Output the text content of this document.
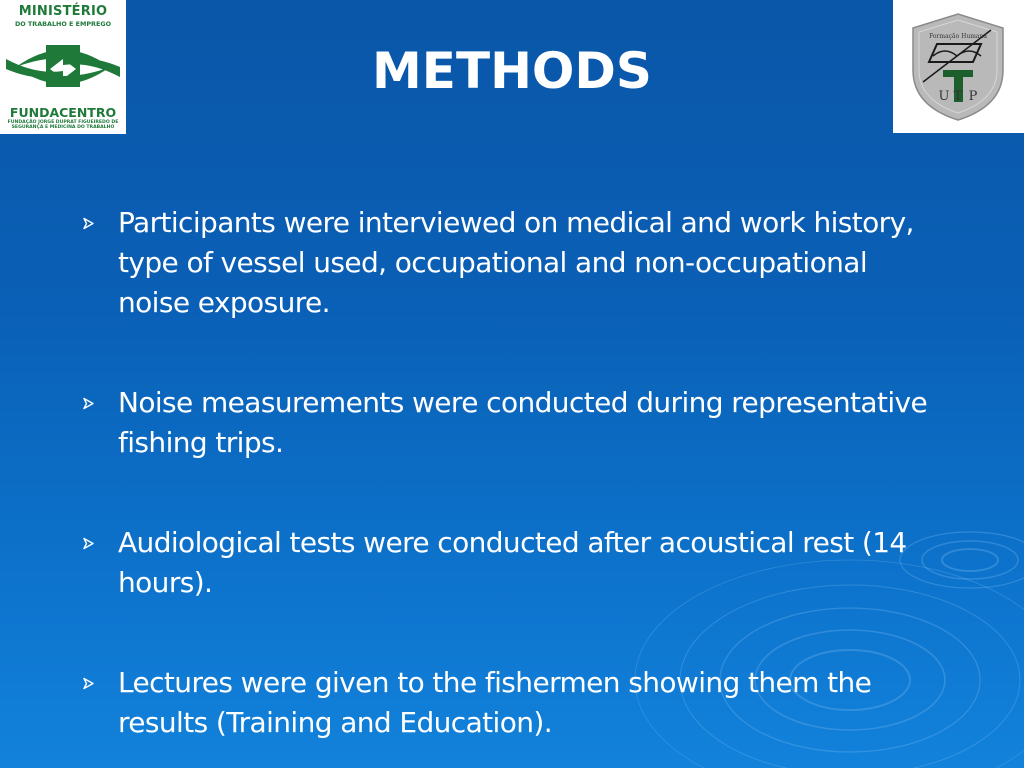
MINISTÉRIO
DO TRABALHO E EMPREGO
FUNDACENTRO
FUNDAÇÃO JORGE DUPRAT FIGUEIREDO DE SEGURANÇA E MEDICINA DO TRABALHO
Formação Humana
U T P
METHODS
Participants were interviewed on medical and work history, type of vessel used, occupational and non-occupational noise exposure.
Noise measurements were conducted during representative fishing trips.
Audiological tests were conducted after acoustical rest (14 hours).
Lectures were given to the fishermen showing them the results (Training and Education).
